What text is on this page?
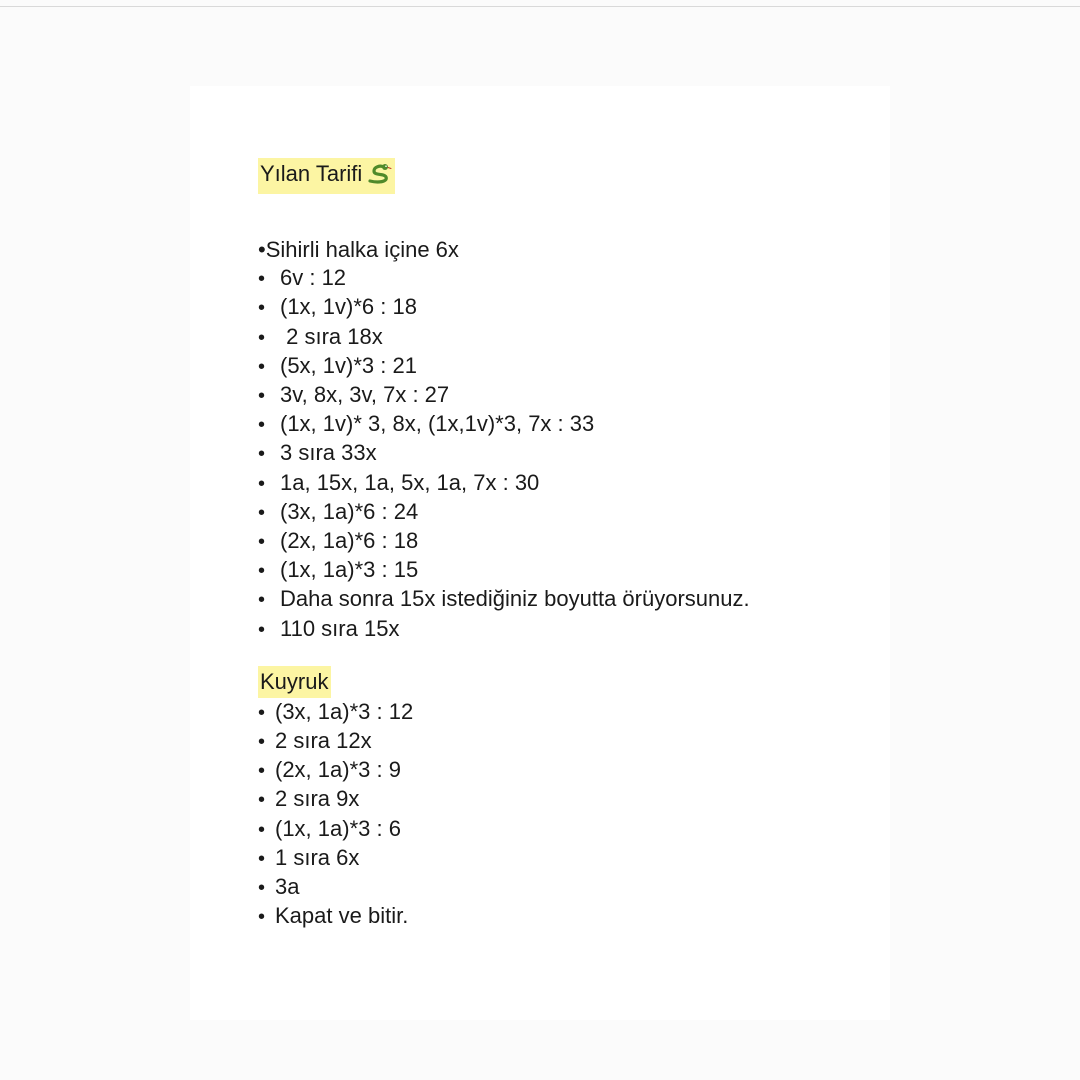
Yılan Tarifi
•Sihirli halka içine 6x
• 6v : 12
• (1x, 1v)*6 : 18
• 2 sıra 18x
• (5x, 1v)*3 : 21
• 3v, 8x, 3v, 7x : 27
• (1x, 1v)* 3, 8x, (1x,1v)*3, 7x : 33
• 3 sıra 33x
• 1a, 15x, 1a, 5x, 1a, 7x : 30
• (3x, 1a)*6 : 24
• (2x, 1a)*6 : 18
• (1x, 1a)*3 : 15
• Daha sonra 15x istediğiniz boyutta örüyorsunuz.
• 110 sıra 15x
Kuyruk
• (3x, 1a)*3 : 12
• 2 sıra 12x
• (2x, 1a)*3 : 9
• 2 sıra 9x
• (1x, 1a)*3 : 6
• 1 sıra 6x
• 3a
• Kapat ve bitir.
